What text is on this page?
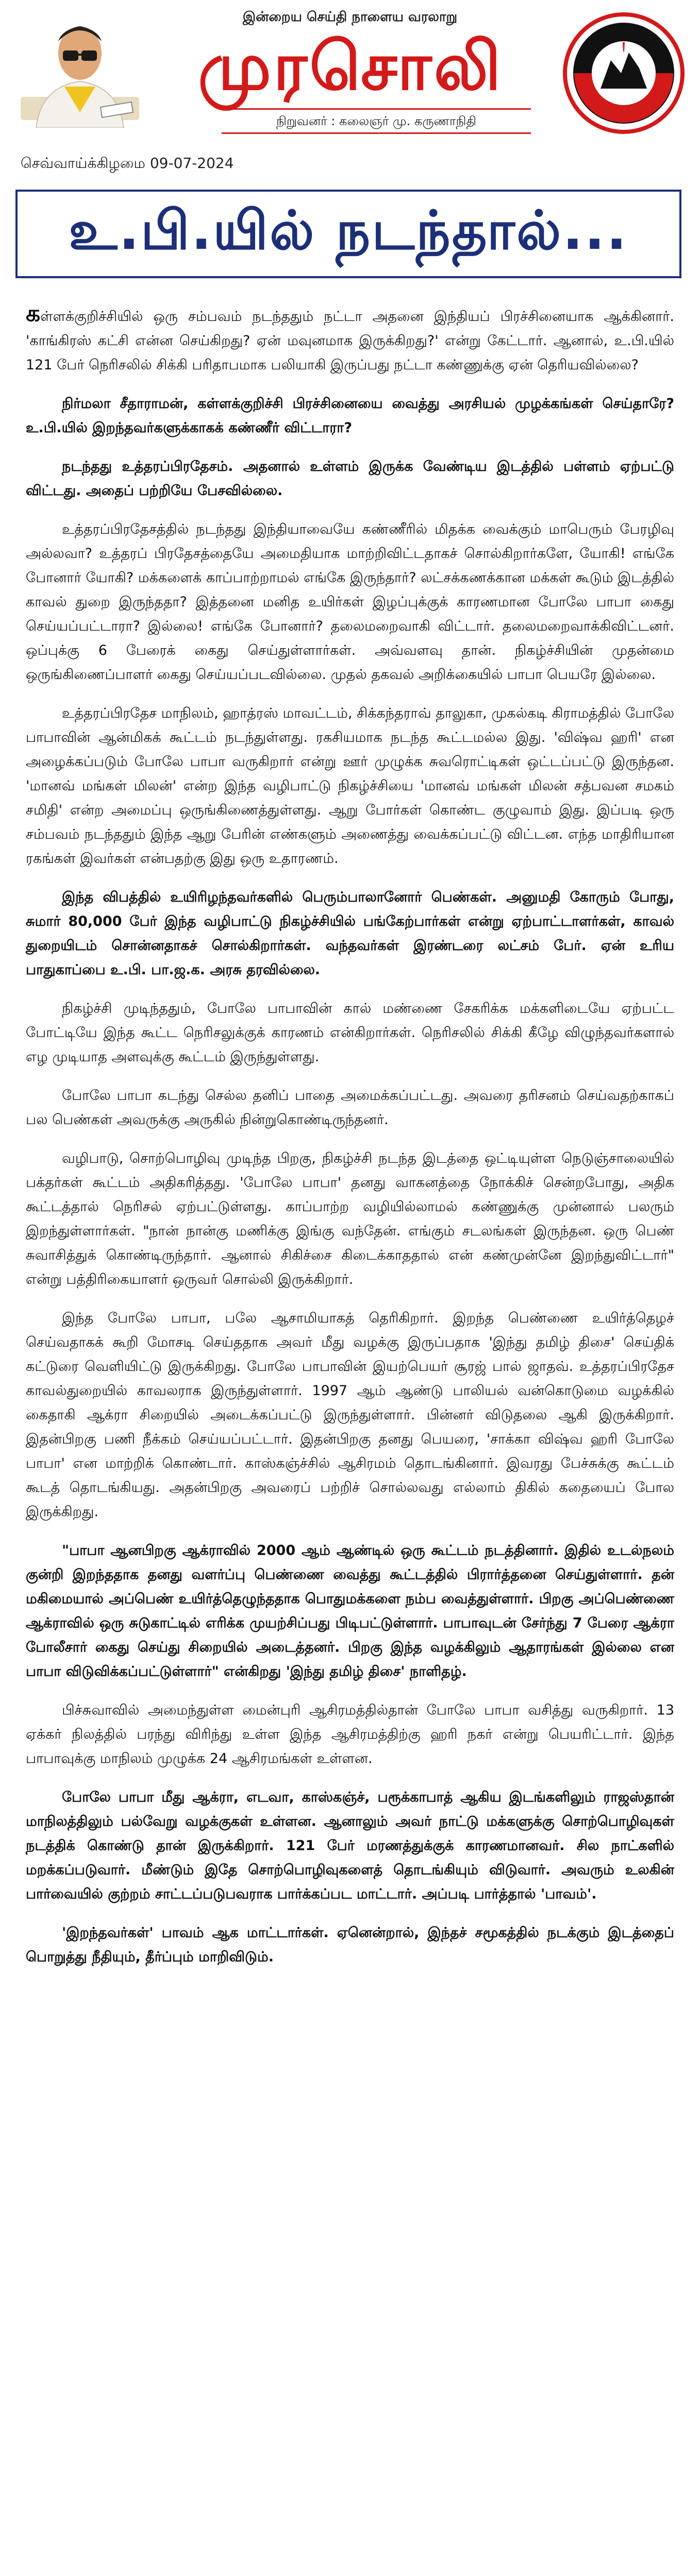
இன்றைய செய்தி நாளைய வரலாறு
முரசொலி
நிறுவனர் : கலைஞர் மு. கருணாநிதி
செவ்வாய்க்கிழமை 09-07-2024
உ.பி.யில் நடந்தால்...

கள்ளக்குறிச்சியில் ஒரு சம்பவம் நடந்ததும் நட்டா அதனை இந்தியப் பிரச்சினையாக ஆக்கினார். 'காங்கிரஸ் கட்சி என்ன செய்கிறது? ஏன் மவுனமாக இருக்கிறது?' என்று கேட்டார். ஆனால், உ.பி.யில் 121 பேர் நெரிசலில் சிக்கி பரிதாபமாக பலியாகி இருப்பது நட்டா கண்ணுக்கு ஏன் தெரியவில்லை?

நிர்மலா சீதாராமன், கள்ளக்குறிச்சி பிரச்சினையை வைத்து அரசியல் முழக்கங்கள் செய்தாரே? உ.பி.யில் இறந்தவர்களுக்காகக் கண்ணீர் விட்டாரா?

நடந்தது உத்தரப்பிரதேசம். அதனால் உள்ளம் இருக்க வேண்டிய இடத்தில் பள்ளம் ஏற்பட்டு விட்டது. அதைப் பற்றியே பேசவில்லை.

உத்தரப்பிரதேசத்தில் நடந்தது இந்தியாவையே கண்ணீரில் மிதக்க வைக்கும் மாபெரும் பேரழிவு அல்லவா? உத்தரப் பிரதேசத்தையே அமைதியாக மாற்றிவிட்டதாகச் சொல்கிறார்களே, யோகி! எங்கே போனார் யோகி? மக்களைக் காப்பாற்றாமல் எங்கே இருந்தார்? லட்சக்கணக்கான மக்கள் கூடும் இடத்தில் காவல் துறை இருந்ததா? இத்தனை மனித உயிர்கள் இழப்புக்குக் காரணமான போலே பாபா கைது செய்யப்பட்டாரா? இல்லை! எங்கே போனார்? தலைமறைவாகி விட்டார். தலைமறைவாக்கிவிட்டனர். ஒப்புக்கு 6 பேரைக் கைது செய்துள்ளார்கள். அவ்வளவு தான். நிகழ்ச்சியின் முதன்மை ஒருங்கிணைப்பாளர் கைது செய்யப்படவில்லை. முதல் தகவல் அறிக்கையில் பாபா பெயரே இல்லை.

உத்தரப்பிரதேச மாநிலம், ஹாத்ரஸ் மாவட்டம், சிக்கந்தராவ் தாலுகா, முகல்கடி கிராமத்தில் போலே பாபாவின் ஆன்மிகக் கூட்டம் நடந்துள்ளது. ரகசியமாக நடந்த கூட்டமல்ல இது. 'விஷ்வ ஹரி' என அழைக்கப்படும் போலே பாபா வருகிறார் என்று ஊர் முழுக்க சுவரொட்டிகள் ஒட்டப்பட்டு இருந்தன. 'மானவ் மங்கள் மிலன்' என்ற இந்த வழிபாட்டு நிகழ்ச்சியை 'மானவ் மங்கள் மிலன் சத்பவன சமகம் சமிதி' என்ற அமைப்பு ஒருங்கிணைத்துள்ளது. ஆறு போர்கள் கொண்ட குழுவாம் இது. இப்படி ஒரு சம்பவம் நடந்ததும் இந்த ஆறு பேரின் எண்களும் அணைத்து வைக்கப்பட்டு விட்டன. எந்த மாதிரியான ரகங்கள் இவர்கள் என்பதற்கு இது ஒரு உதாரணம்.

இந்த விபத்தில் உயிரிழந்தவர்களில் பெரும்பாலானோர் பெண்கள். அனுமதி கோரும் போது, சுமார் 80,000 பேர் இந்த வழிபாட்டு நிகழ்ச்சியில் பங்கேற்பார்கள் என்று ஏற்பாட்டாளர்கள், காவல் துறையிடம் சொன்னதாகச் சொல்கிறார்கள். வந்தவர்கள் இரண்டரை லட்சம் பேர். ஏன் உரிய பாதுகாப்பை உ.பி. பா.ஜ.க. அரசு தரவில்லை.

நிகழ்ச்சி முடிந்ததும், போலே பாபாவின் கால் மண்ணை சேகரிக்க மக்களிடையே ஏற்பட்ட போட்டியே இந்த கூட்ட நெரிசலுக்குக் காரணம் என்கிறார்கள். நெரிசலில் சிக்கி கீழே விழுந்தவர்களால் எழ முடியாத அளவுக்கு கூட்டம் இருந்துள்ளது.

போலே பாபா கடந்து செல்ல தனிப் பாதை அமைக்கப்பட்டது. அவரை தரிசனம் செய்வதற்காகப் பல பெண்கள் அவருக்கு அருகில் நின்றுகொண்டிருந்தனர்.

வழிபாடு, சொற்பொழிவு முடிந்த பிறகு, நிகழ்ச்சி நடந்த இடத்தை ஒட்டியுள்ள நெடுஞ்சாலையில் பக்தர்கள் கூட்டம் அதிகரித்தது. 'போலே பாபா' தனது வாகனத்தை நோக்கிச் சென்றபோது, அதிக கூட்டத்தால் நெரிசல் ஏற்பட்டுள்ளது. காப்பாற்ற வழியில்லாமல் கண்ணுக்கு முன்னால் பலரும் இறந்துள்ளார்கள். "நான் நான்கு மணிக்கு இங்கு வந்தேன். எங்கும் சடலங்கள் இருந்தன. ஒரு பெண் சுவாசித்துக் கொண்டிருந்தார். ஆனால் சிகிச்சை கிடைக்காததால் என் கண்முன்னே இறந்துவிட்டார்" என்று பத்திரிகையாளர் ஒருவர் சொல்லி இருக்கிறார்.

இந்த போலே பாபா, பலே ஆசாமியாகத் தெரிகிறார். இறந்த பெண்ணை உயிர்த்தெழச் செய்வதாகக் கூறி மோசடி செய்ததாக அவர் மீது வழக்கு இருப்பதாக 'இந்து தமிழ் திசை' செய்திக் கட்டுரை வெளியிட்டு இருக்கிறது. போலே பாபாவின் இயற்பெயர் சூரஜ் பால் ஜாதவ். உத்தரப்பிரதேச காவல்துறையில் காவலராக இருந்துள்ளார். 1997 ஆம் ஆண்டு பாலியல் வன்கொடுமை வழக்கில் கைதாகி ஆக்ரா சிறையில் அடைக்கப்பட்டு இருந்துள்ளார். பின்னர் விடுதலை ஆகி இருக்கிறார். இதன்பிறகு பணி நீக்கம் செய்யப்பட்டார். இதன்பிறகு தனது பெயரை, 'சாக்கா விஷ்வ ஹரி போலே பாபா' என மாற்றிக் கொண்டார். காஸ்கஞ்ச்சில் ஆசிரமம் தொடங்கினார். இவரது பேச்சுக்கு கூட்டம் கூடத் தொடங்கியது. அதன்பிறகு அவரைப் பற்றிச் சொல்லவது எல்லாம் திகில் கதையைப் போல இருக்கிறது.

"பாபா ஆனபிறகு ஆக்ராவில் 2000 ஆம் ஆண்டில் ஒரு கூட்டம் நடத்தினார். இதில் உடல்நலம் குன்றி இறந்ததாக தனது வளர்ப்பு பெண்ணை வைத்து கூட்டத்தில் பிரார்த்தனை செய்துள்ளார். தன் மகிமையால் அப்பெண் உயிர்த்தெழுந்ததாக பொதுமக்களை நம்ப வைத்துள்ளார். பிறகு அப்பெண்ணை ஆக்ராவில் ஒரு சுடுகாட்டில் எரிக்க முயற்சிப்பது பிடிபட்டுள்ளார். பாபாவுடன் சேர்ந்து 7 பேரை ஆக்ரா போலீசார் கைது செய்து சிறையில் அடைத்தனர். பிறகு இந்த வழக்கிலும் ஆதாரங்கள் இல்லை என பாபா விடுவிக்கப்பட்டுள்ளார்" என்கிறது 'இந்து தமிழ் திசை' நாளிதழ்.

பிச்சுவாவில் அமைந்துள்ள மைன்புரி ஆசிரமத்தில்தான் போலே பாபா வசித்து வருகிறார். 13 ஏக்கர் நிலத்தில் பரந்து விரிந்து உள்ள இந்த ஆசிரமத்திற்கு ஹரி நகர் என்று பெயரிட்டார். இந்த பாபாவுக்கு மாநிலம் முழுக்க 24 ஆசிரமங்கள் உள்ளன.

போலே பாபா மீது ஆக்ரா, எடவா, காஸ்கஞ்ச், பரூக்காபாத் ஆகிய இடங்களிலும் ராஜஸ்தான் மாநிலத்திலும் பல்வேறு வழக்குகள் உள்ளன. ஆனாலும் அவர் நாட்டு மக்களுக்கு சொற்பொழிவுகள் நடத்திக் கொண்டு தான் இருக்கிறார். 121 பேர் மரணத்துக்குக் காரணமானவர். சில நாட்களில் மறக்கப்படுவார். மீண்டும் இதே சொற்பொழிவுகளைத் தொடங்கியும் விடுவார். அவரும் உலகின் பார்வையில் குற்றம் சாட்டப்படுபவராக பார்க்கப்பட மாட்டார். அப்படி பார்த்தால் 'பாவம்'.

'இறந்தவர்கள்' பாவம் ஆக மாட்டார்கள். ஏனென்றால், இந்தச் சமூகத்தில் நடக்கும் இடத்தைப் பொறுத்து நீதியும், தீர்ப்பும் மாறிவிடும்.
